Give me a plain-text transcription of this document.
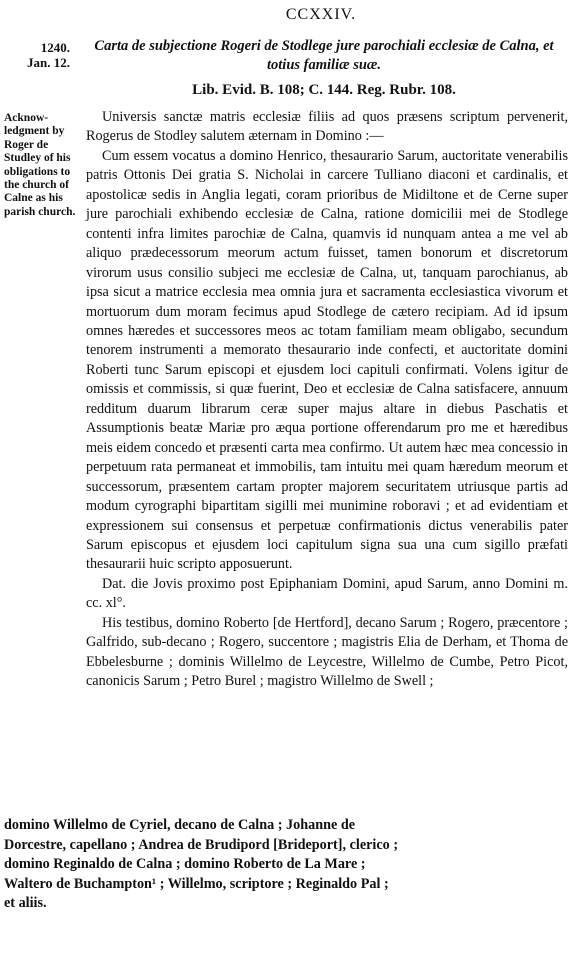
CCXXIV.
1240.
Jan. 12.
Carta de subjectione Rogeri de Stodlege jure parochiali ecclesiæ de Calna, et totius familiæ suæ.
Lib. Evid. B. 108; C. 144. Reg. Rubr. 108.
Acknowledgment by Roger de Studley of his obligations to the church of Calne as his parish church.

Universis sanctæ matris ecclesiæ filiis ad quos præsens scriptum pervenerit, Rogerus de Stodley salutem æternam in Domino :—

Cum essem vocatus a domino Henrico, thesaurario Sarum, auctoritate venerabilis patris Ottonis Dei gratia S. Nicholai in carcere Tulliano diaconi et cardinalis, et apostolicæ sedis in Anglia legati, coram prioribus de Midiltone et de Cerne super jure parochiali exhibendo ecclesiæ de Calna, ratione domicilii mei de Stodlege contenti infra limites parochiæ de Calna, quamvis id nunquam antea a me vel ab aliquo prædecessorum meorum actum fuisset, tamen bonorum et discretorum virorum usus consilio subjeci me ecclesiæ de Calna, ut, tanquam parochianus, ab ipsa sicut a matrice ecclesia mea omnia jura et sacramenta ecclesiastica vivorum et mortuorum dum moram fecimus apud Stodlege de cætero recipiam. Ad id ipsum omnes hæredes et successores meos ac totam familiam meam obligabo, secundum tenorem instrumenti a memorato thesaurario inde confecti, et auctoritate domini Roberti tunc Sarum episcopi et ejusdem loci capituli confirmati. Volens igitur de omissis et commissis, si quæ fuerint, Deo et ecclesiæ de Calna satisfacere, annuum redditum duarum librarum ceræ super majus altare in diebus Paschatis et Assumptionis beatæ Mariæ pro æqua portione offerendarum pro me et hæredibus meis eidem concedo et præsenti carta mea confirmo. Ut autem hæc mea concessio in perpetuum rata permaneat et immobilis, tam intuitu mei quam hæredum meorum et successorum, præsentem cartam propter majorem securitatem utriusque partis ad modum cyrographi bipartitam sigilli mei munimine roboravi ; et ad evidentiam et expressionem sui consensus et perpetuæ confirmationis dictus venerabilis pater Sarum episcopus et ejusdem loci capitulum signa sua una cum sigillo præfati thesaurarii huic scripto apposuerunt.

Dat. die Jovis proximo post Epiphaniam Domini, apud Sarum, anno Domini m. cc. xl°.

His testibus, domino Roberto [de Hertford], decano Sarum ; Rogero, præcentore ; Galfrido, sub-decano ; Rogero, succentore ; magistris Elia de Derham, et Thoma de Ebbelesburne ; dominis Willelmo de Leycestre, Willelmo de Cumbe, Petro Picot, canonicis Sarum ; Petro Burel ; magistro Willelmo de Swell ;

domino Willelmo de Cyriel, decano de Calna ; Johanne de
Dorcestre, capellano ; Andrea de Brudipord [Brideport], clerico ;
domino Reginaldo de Calna ; domino Roberto de La Mare ;
Waltero de Buchampton¹ ; Willelmo, scriptore ; Reginaldo Pal ;
et aliis.
